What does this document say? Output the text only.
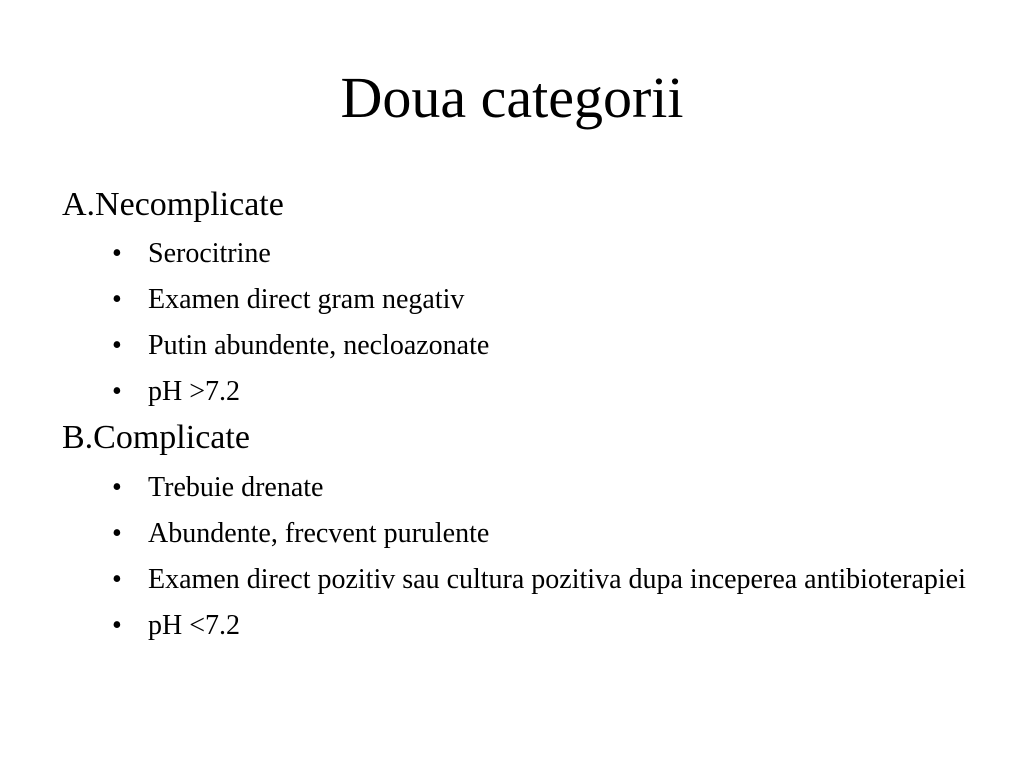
Doua categorii
A.Necomplicate
• Serocitrine
• Examen direct gram negativ
• Putin abundente, necloazonate
• pH >7.2
B.Complicate
• Trebuie drenate
• Abundente, frecvent purulente
• Examen direct pozitiv sau cultura pozitiva dupa inceperea antibioterapiei
• pH <7.2
